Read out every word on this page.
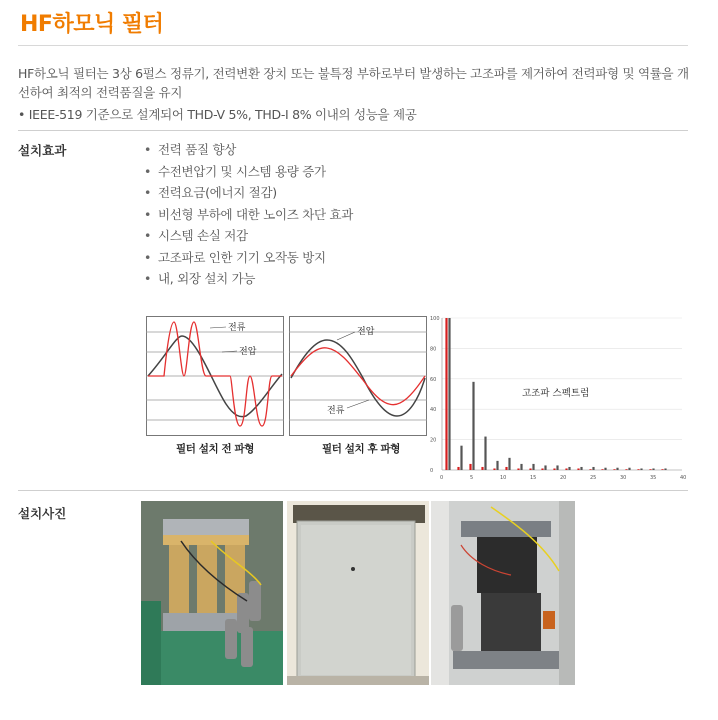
HF하모닉 필터
HF하오닉 필터는 3상 6펄스 정류기, 전력변환 장치 또는 불특정 부하로부터 발생하는 고조파를 제거하여 전력파형 및 역률을 개선하여 최적의 전력품질을 유지
• IEEE-519 기준으로 설계되어 THD-V 5%, THD-I 8% 이내의 성능을 제공
설치효과
•	전력 품질 향상
• 수전변압기 및 시스템 용량 증가
• 전력요금(에너지 절감)
• 비선형 부하에 대한 노이즈 차단 효과
• 시스템 손실 저감
• 고조파로 인한 기기 오작동 방지
• 내, 외장 설치 가능
전류
전압
필터 설치 전 파형
전압
전류
필터 설치 후 파형
100
80
60
40
20
0
0	5	10	15	20	25	30	35	40
고조파 스펙트럼
설치사진
